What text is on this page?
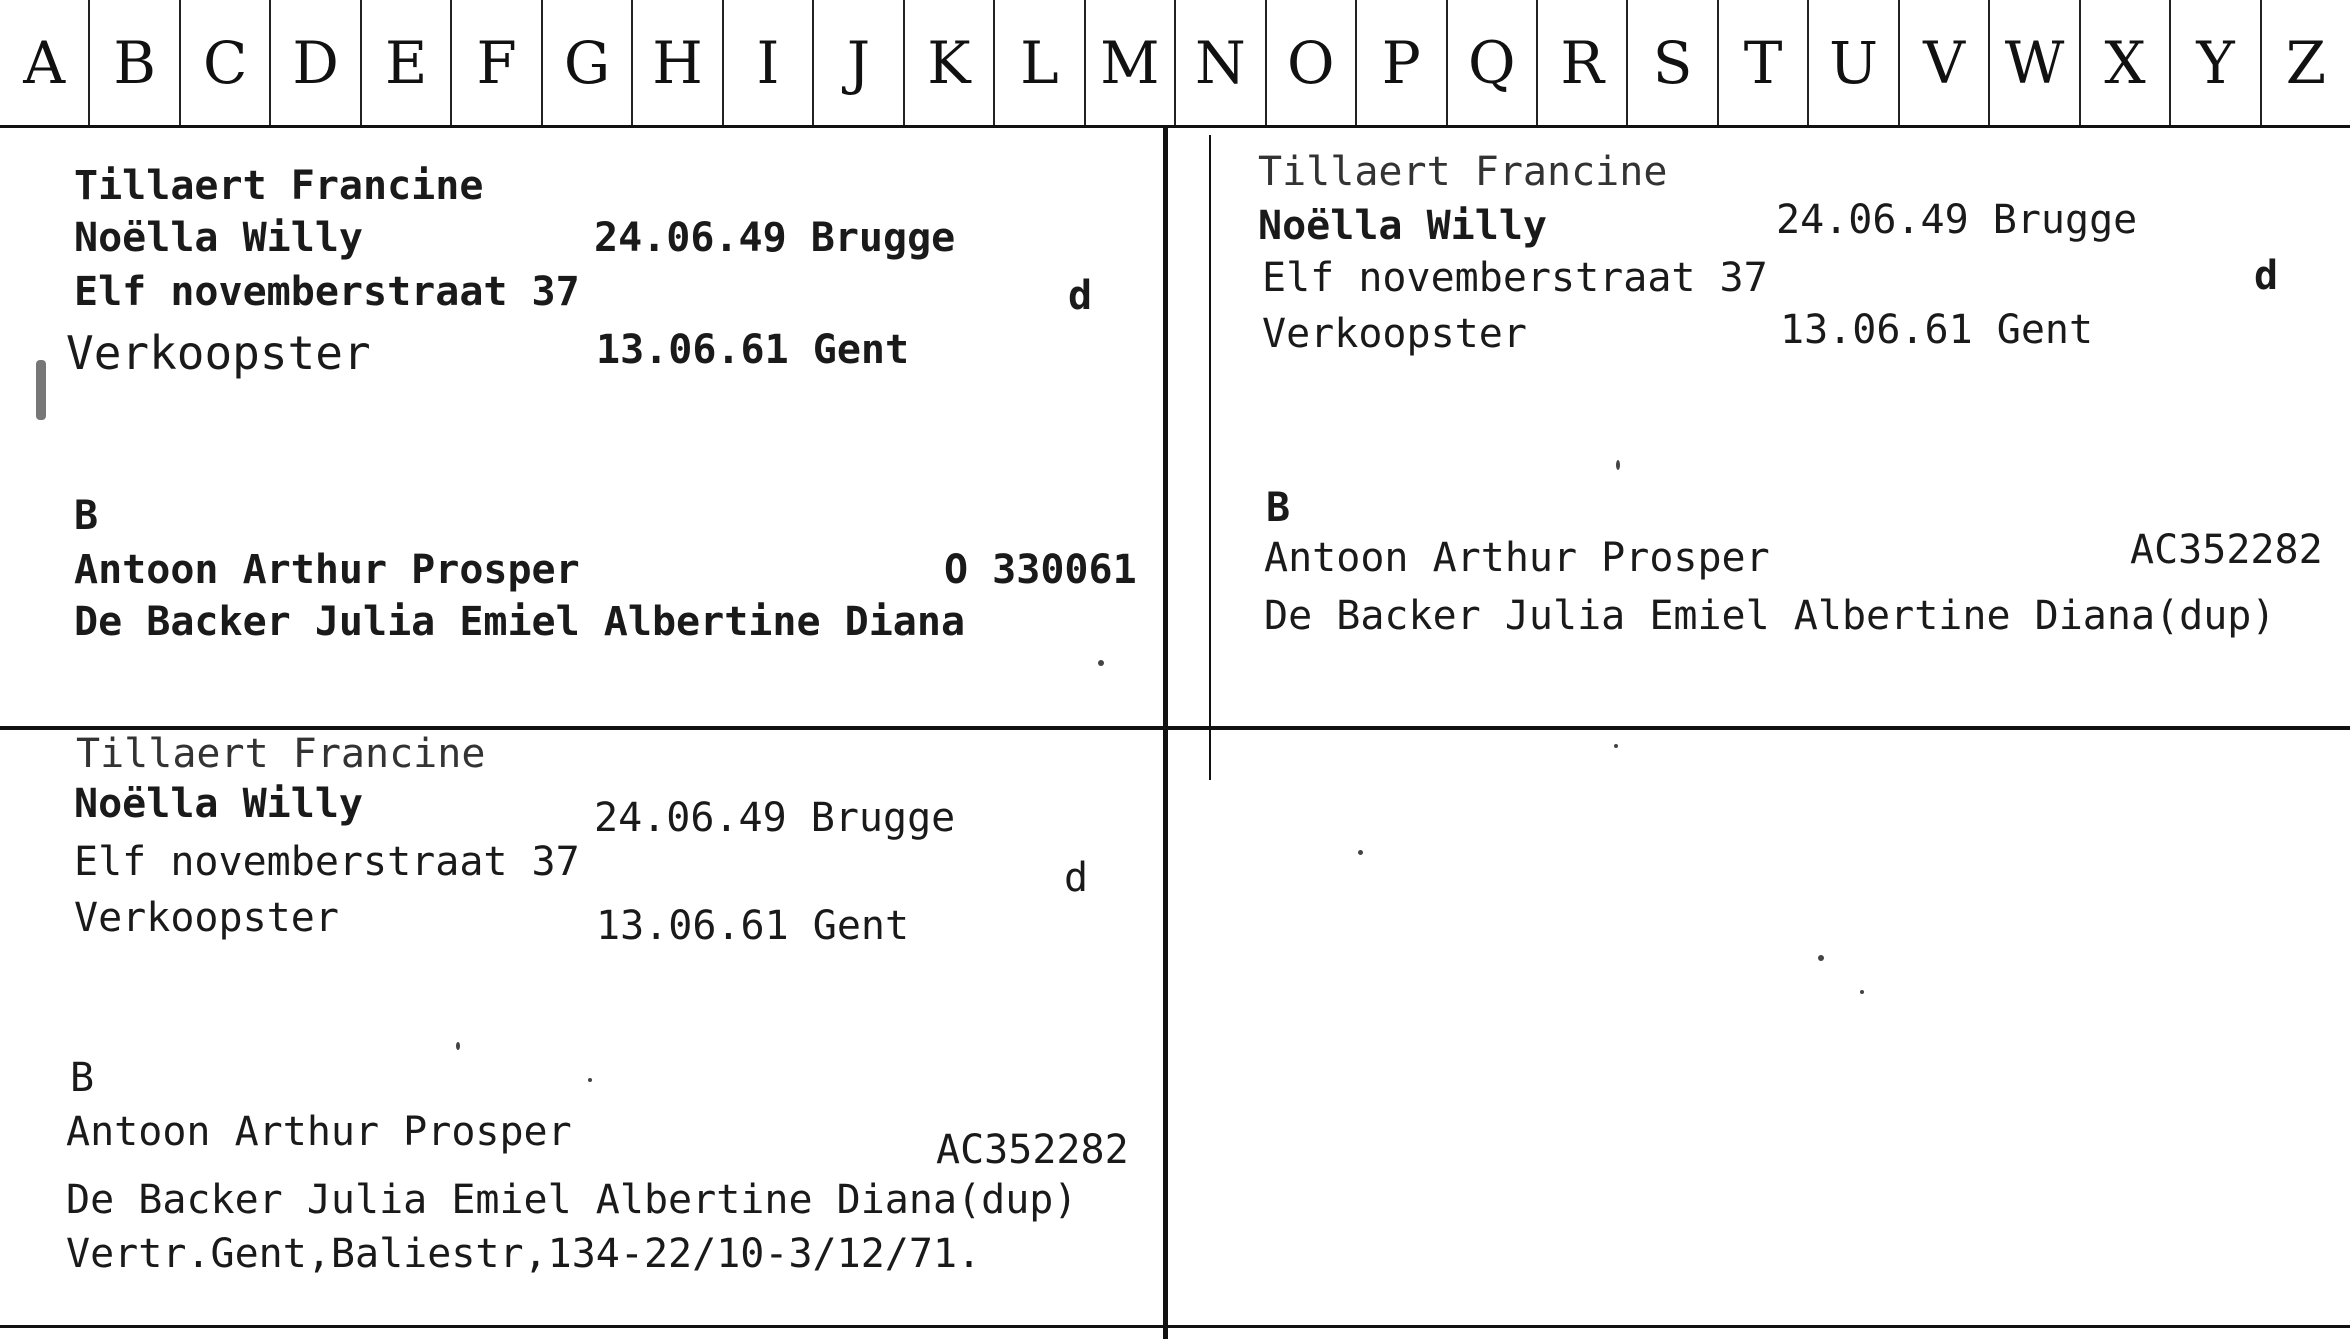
A B C D E F G H I	J K L M N O P Q R S T U V W X Y Z
Tillaert Francine
Noëlla Willy	24.06.49 Brugge
Elf novemberstraat 37	d
Verkoopster	13.06.61 Gent
B
Antoon Arthur Prosper	O 330061
De Backer Julia Emiel Albertine Diana
Tillaert Francine
Noëlla Willy	24.06.49 Brugge
Elf novemberstraat 37	d
Verkoopster	13.06.61 Gent
B
Antoon Arthur Prosper	AC352282
De Backer Julia Emiel Albertine Diana(dup)
Tillaert Francine
Noëlla Willy	24.06.49 Brugge
Elf novemberstraat 37	d
Verkoopster	13.06.61 Gent
B
Antoon Arthur Prosper	AC352282
De Backer Julia Emiel Albertine Diana(dup)
Vertr.Gent,Baliestr,134-22/10-3/12/71.
